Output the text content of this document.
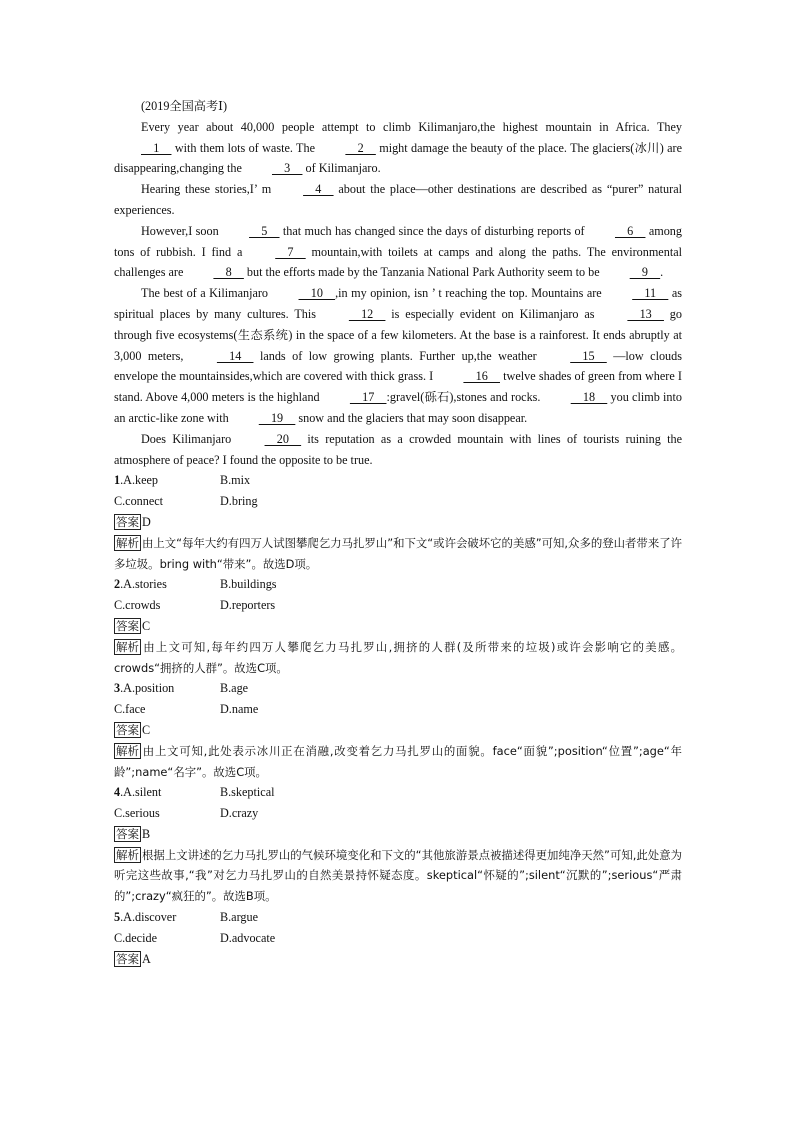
(2019全国高考Ⅰ)

Every year about 40,000 people attempt to climb Kilimanjaro,the highest mountain in Africa. They     1     with them lots of waste. The     2     might damage the beauty of the place. The glaciers(冰川) are disappearing,changing the     3     of Kilimanjaro.

Hearing these stories,I’ m     4     about the place—other destinations are described as “purer” natural experiences.

However,I soon     5     that much has changed since the days of disturbing reports of     6     among tons of rubbish. I find a     7     mountain,with toilets at camps and along the paths. The environmental challenges are     8     but the efforts made by the Tanzania National Park Authority seem to be     9    .

The best of a Kilimanjaro     10    ,in my opinion, isn ’ t reaching the top. Mountains are     11     as spiritual places by many cultures. This     12     is especially evident on Kilimanjaro as     13     go through five ecosystems(生态系统) in the space of a few kilometers. At the base is a rainforest. It ends abruptly at 3,000 meters,     14     lands of low growing plants. Further up,the weather     15     —low clouds envelope the mountainsides,which are covered with thick grass. I     16     twelve shades of green from where I stand. Above 4,000 meters is the highland     17    :gravel(砾石),stones and rocks.     18     you climb into an arctic-like zone with     19     snow and the glaciers that may soon disappear.

Does Kilimanjaro     20     its reputation as a crowded mountain with lines of tourists ruining the atmosphere of peace? I found the opposite to be true.

1.A.keep	B.mix
C.connect	D.bring
答案 D

解析 由上文“每年大约有四万人试图攀爬乞力马扎罗山”和下文“或许会破坏它的美感”可知,众多的登山者带来了许多垃圾。bring with“带来”。故选D项。

2.A.stories	B.buildings
C.crowds	D.reporters
答案 C

解析 由上文可知,每年约四万人攀爬乞力马扎罗山,拥挤的人群(及所带来的垃圾)或许会影响它的美感。crowds“拥挤的人群”。故选C项。

3.A.position	B.age
C.face	D.name
答案 C

解析 由上文可知,此处表示冰川正在消融,改变着乞力马扎罗山的面貌。face“面貌”;position“位置”;age“年龄”;name“名字”。故选C项。

4.A.silent	B.skeptical
C.serious	D.crazy
答案 B

解析 根据上文讲述的乞力马扎罗山的气候环境变化和下文的“其他旅游景点被描述得更加纯净天然”可知,此处意为听完这些故事,“我”对乞力马扎罗山的自然美景持怀疑态度。skeptical“怀疑的”;silent“沉默的”;serious“严肃的”;crazy“疯狂的”。故选B项。

5.A.discover	B.argue
C.decide	D.advocate
答案 A
